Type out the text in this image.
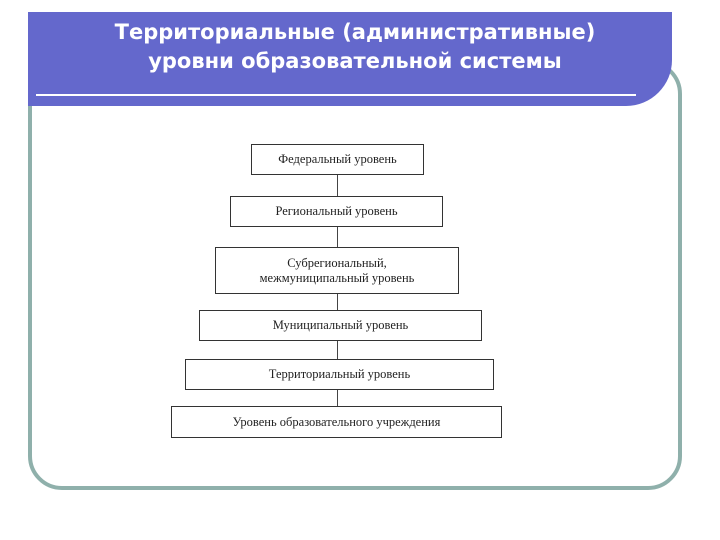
Территориальные (административные)
уровни образовательной системы
Федеральный уровень
Региональный уровень
Субрегиональный,
межмуниципальный уровень
Муниципальный уровень
Территориальный уровень
Уровень образовательного учреждения
